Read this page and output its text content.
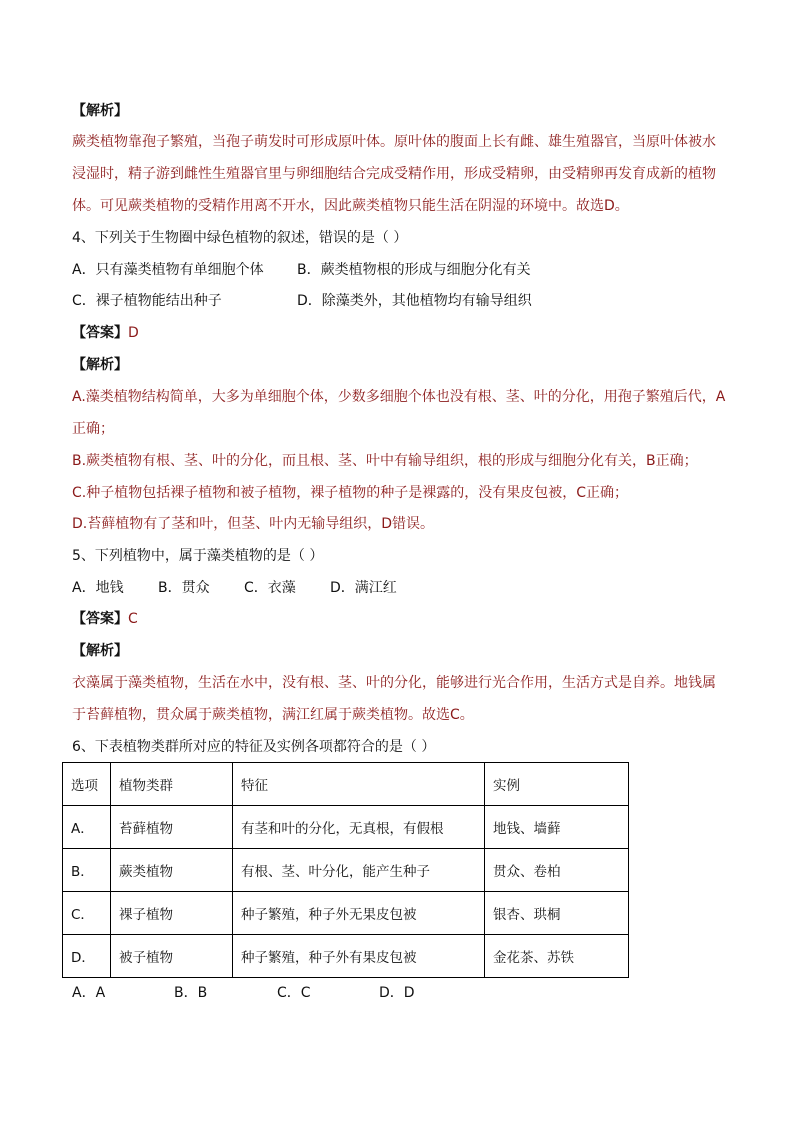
【解析】
蕨类植物靠孢子繁殖，当孢子萌发时可形成原叶体。原叶体的腹面上长有雌、雄生殖器官，当原叶体被水
浸湿时，精子游到雌性生殖器官里与卵细胞结合完成受精作用，形成受精卵，由受精卵再发育成新的植物
体。可见蕨类植物的受精作用离不开水，因此蕨类植物只能生活在阴湿的环境中。故选D。
4、下列关于生物圈中绿色植物的叙述，错误的是（ ）
A．只有藻类植物有单细胞个体 B．蕨类植物根的形成与细胞分化有关
C．裸子植物能结出种子	D．除藻类外，其他植物均有输导组织
【答案】D
【解析】
A.藻类植物结构简单，大多为单细胞个体，少数多细胞个体也没有根、茎、叶的分化，用孢子繁殖后代，A
正确；
B.蕨类植物有根、茎、叶的分化，而且根、茎、叶中有输导组织，根的形成与细胞分化有关，B正确；
C.种子植物包括裸子植物和被子植物，裸子植物的种子是裸露的，没有果皮包被，C正确；
D.苔藓植物有了茎和叶，但茎、叶内无输导组织，D错误。
5、下列植物中，属于藻类植物的是（ ）
A．地钱 B．贯众 C．衣藻 D．满江红
【答案】C
【解析】
衣藻属于藻类植物，生活在水中，没有根、茎、叶的分化，能够进行光合作用，生活方式是自养。地钱属
于苔藓植物，贯众属于蕨类植物，满江红属于蕨类植物。故选C。
6、下表植物类群所对应的特征及实例各项都符合的是（ ）
选项	植物类群	特征	实例
A．	苔藓植物	有茎和叶的分化，无真根，有假根	地钱、墙藓
B．	蕨类植物	有根、茎、叶分化，能产生种子	贯众、卷柏
C．	裸子植物	种子繁殖，种子外无果皮包被	银杏、珙桐
D．	被子植物	种子繁殖，种子外有果皮包被	金花茶、苏铁
A．A	B．B	C．C	D．D
